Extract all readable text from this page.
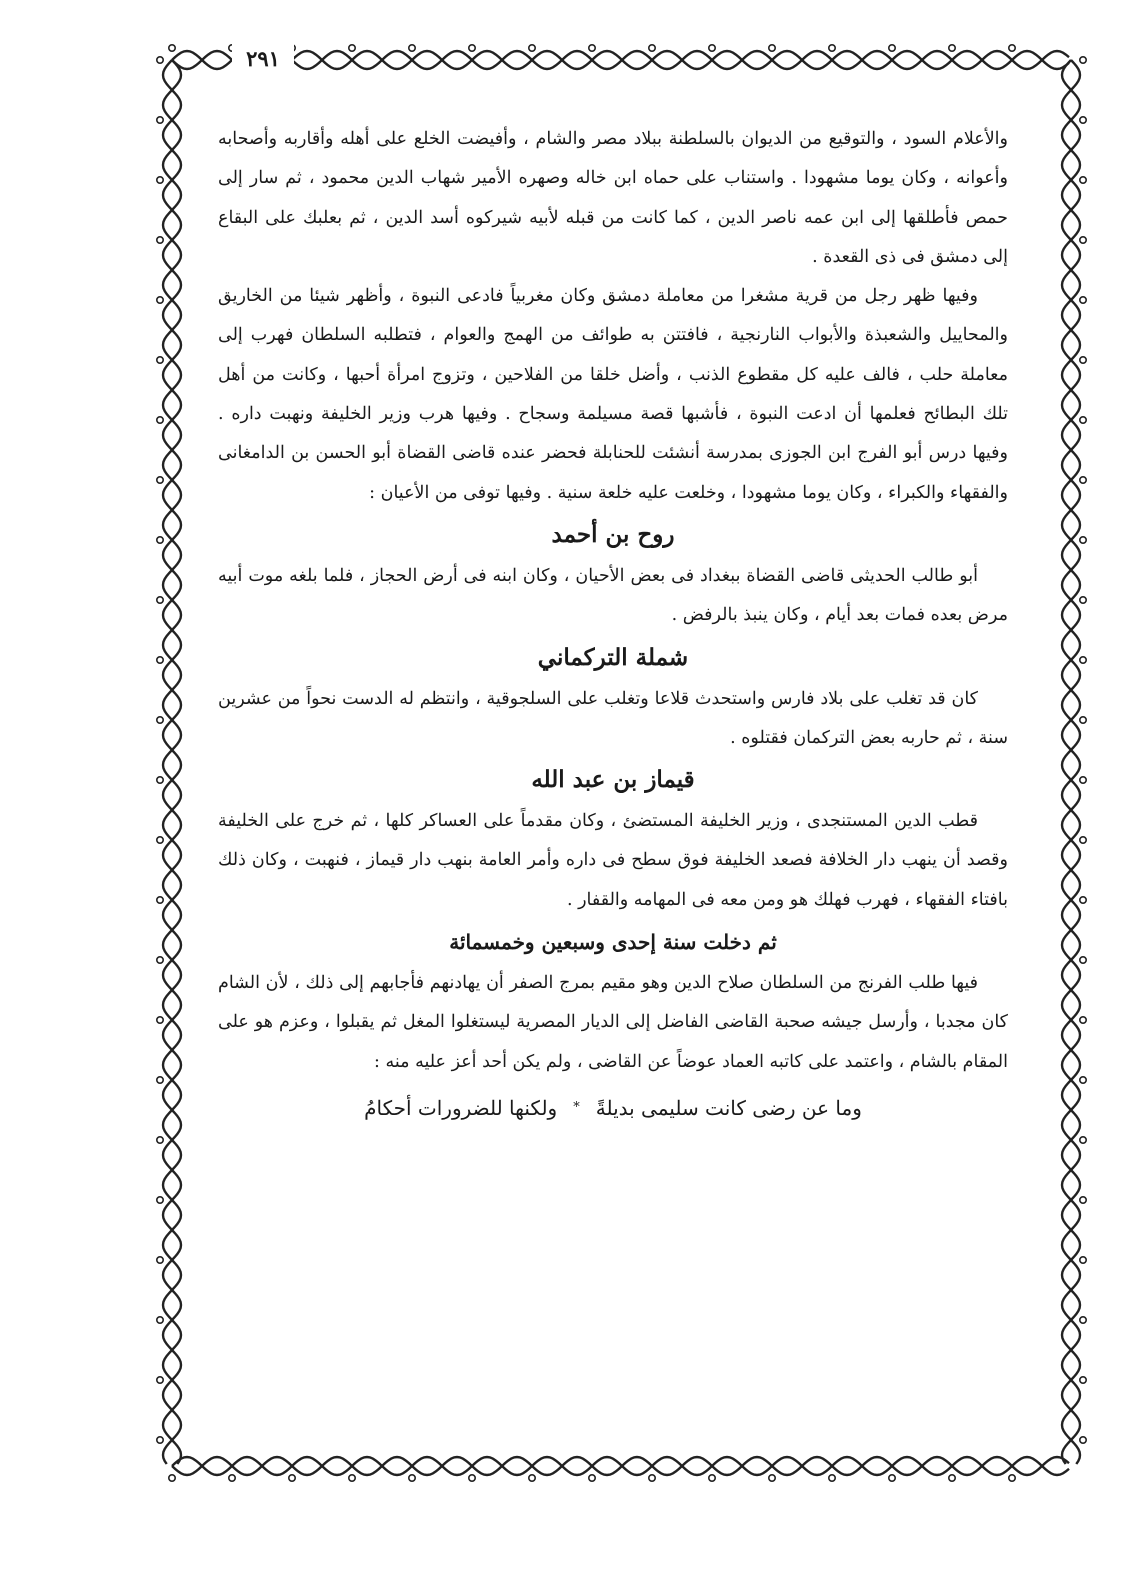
٢٩١

والأعلام السود ، والتوقيع من الديوان بالسلطنة ببلاد مصر والشام ، وأفيضت الخلع على أهله وأقاربه وأصحابه وأعوانه ، وكان يوما مشهودا . واستناب على حماه ابن خاله وصهره الأمير شهاب الدين محمود ، ثم سار إلى حمص فأطلقها إلى ابن عمه ناصر الدين ، كما كانت من قبله لأبيه شيركوه أسد الدين ، ثم بعلبك على البقاع إلى دمشق فى ذى القعدة .

وفيها ظهر رجل من قرية مشغرا من معاملة دمشق وكان مغربياً فادعى النبوة ، وأظهر شيئا من الخاريق والمحاييل والشعبذة والأبواب النارنجية ، فافتتن به طوائف من الهمج والعوام ، فتطلبه السلطان فهرب إلى معاملة حلب ، فالف عليه كل مقطوع الذنب ، وأضل خلقا من الفلاحين ، وتزوج امرأة أحبها ، وكانت من أهل تلك البطائح فعلمها أن ادعت النبوة ، فأشبها قصة مسيلمة وسجاح . وفيها هرب وزير الخليفة ونهبت داره . وفيها درس أبو الفرج ابن الجوزى بمدرسة أنشئت للحنابلة فحضر عنده قاضى القضاة أبو الحسن بن الدامغانى والفقهاء والكبراء ، وكان يوما مشهودا ، وخلعت عليه خلعة سنية . وفيها توفى من الأعيان :

روح بن أحمد

أبو طالب الحديثى قاضى القضاة ببغداد فى بعض الأحيان ، وكان ابنه فى أرض الحجاز ، فلما بلغه موت أبيه مرض بعده فمات بعد أيام ، وكان ينبذ بالرفض .

شملة التركماني

كان قد تغلب على بلاد فارس واستحدث قلاعا وتغلب على السلجوقية ، وانتظم له الدست نحواً من عشرين سنة ، ثم حاربه بعض التركمان فقتلوه .

قيماز بن عبد الله

قطب الدين المستنجدى ، وزير الخليفة المستضئ ، وكان مقدماً على العساكر كلها ، ثم خرج على الخليفة وقصد أن ينهب دار الخلافة فصعد الخليفة فوق سطح فى داره وأمر العامة بنهب دار قيماز ، فنهبت ، وكان ذلك بافتاء الفقهاء ، فهرب فهلك هو ومن معه فى المهامه والقفار .

ثم دخلت سنة إحدى وسبعين وخمسمائة

فيها طلب الفرنج من السلطان صلاح الدين وهو مقيم بمرج الصفر أن يهادنهم فأجابهم إلى ذلك ، لأن الشام كان مجدبا ، وأرسل جيشه صحبة القاضى الفاضل إلى الديار المصرية ليستغلوا المغل ثم يقبلوا ، وعزم هو على المقام بالشام ، واعتمد على كاتبه العماد عوضاً عن القاضى ، ولم يكن أحد أعز عليه منه :

وما عن رضى كانت سليمى بديلةً
*
ولكنها للضرورات أحكامُ
